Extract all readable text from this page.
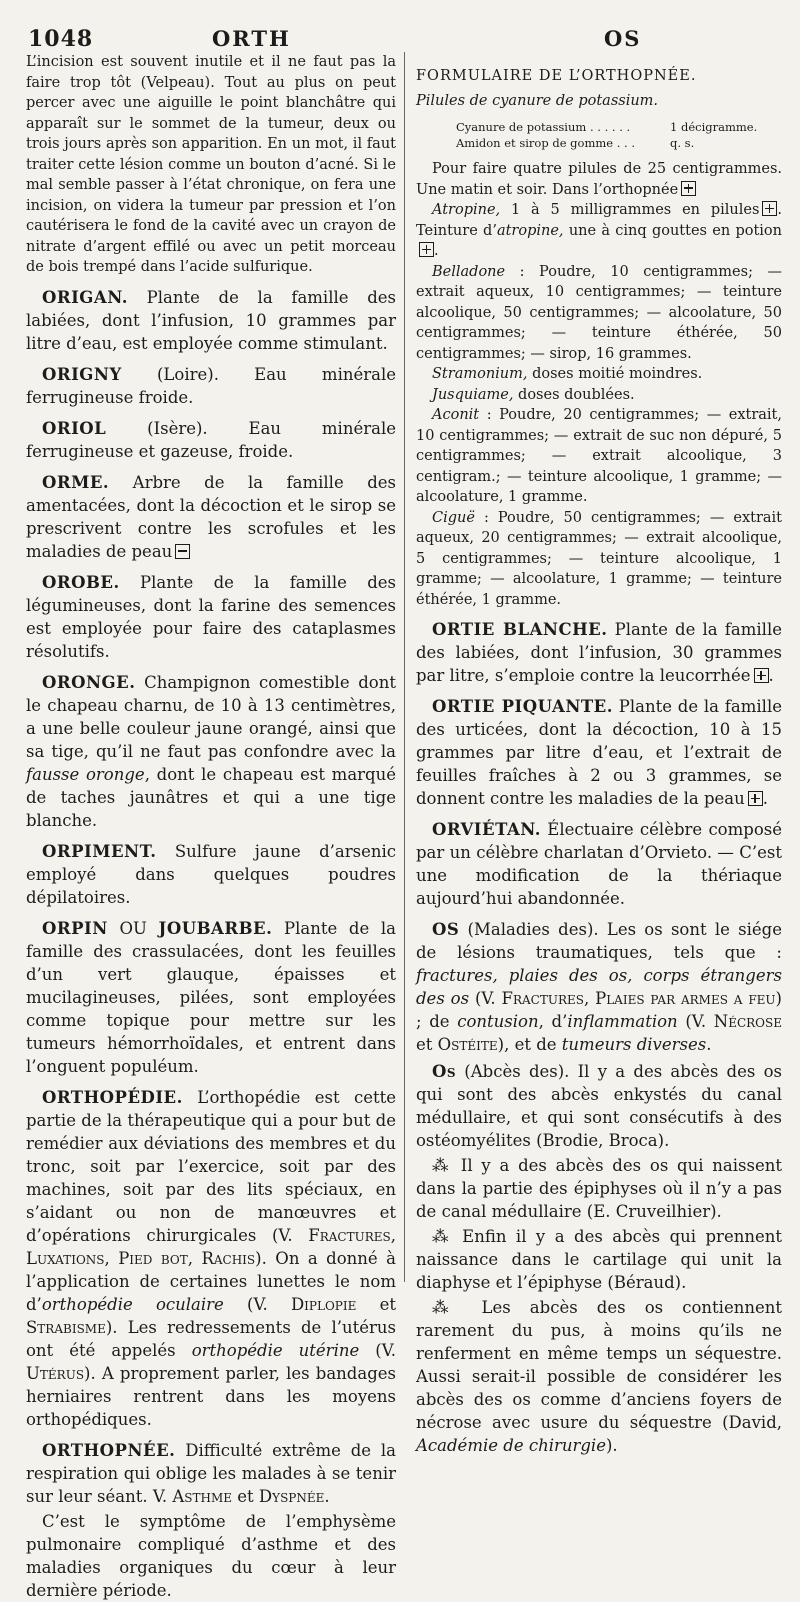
1048	ORTH	OS

L’incision est souvent inutile et il ne faut pas la faire trop tôt (Velpeau). Tout au plus on peut percer avec une aiguille le point blanchâtre qui apparaît sur le sommet de la tumeur, deux ou trois jours après son apparition. En un mot, il faut traiter cette lésion comme un bouton d’acné. Si le mal semble passer à l’état chronique, on fera une incision, on videra la tumeur par pression et l’on cautérisera le fond de la cavité avec un crayon de nitrate d’argent effilé ou avec un petit morceau de bois trempé dans l’acide sulfurique.

ORIGAN. Plante de la famille des labiées, dont l’infusion, 10 grammes par litre d’eau, est employée comme stimulant.

ORIGNY (Loire). Eau minérale ferrugineuse froide.

ORIOL (Isère). Eau minérale ferrugineuse et gazeuse, froide.

ORME. Arbre de la famille des amentacées, dont la décoction et le sirop se prescrivent contre les scrofules et les maladies de peau

OROBE. Plante de la famille des légumineuses, dont la farine des semences est employée pour faire des cataplasmes résolutifs.

ORONGE. Champignon comestible dont le chapeau charnu, de 10 à 13 centimètres, a une belle couleur jaune orangé, ainsi que sa tige, qu’il ne faut pas confondre avec la fausse oronge, dont le chapeau est marqué de taches jaunâtres et qui a une tige blanche.

ORPIMENT. Sulfure jaune d’arsenic employé dans quelques poudres dépilatoires.

ORPIN OU JOUBARBE. Plante de la famille des crassulacées, dont les feuilles d’un vert glauque, épaisses et mucilagineuses, pilées, sont employées comme topique pour mettre sur les tumeurs hémorrhoïdales, et entrent dans l’onguent populéum.

ORTHOPÉDIE. L’orthopédie est cette partie de la thérapeutique qui a pour but de remédier aux déviations des membres et du tronc, soit par l’exercice, soit par des machines, soit par des lits spéciaux, en s’aidant ou non de manœuvres et d’opérations chirurgicales (V. Fractures, Luxations, Pied bot, Rachis). On a donné à l’application de certaines lunettes le nom d’orthopédie oculaire (V. Diplopie et Strabisme). Les redressements de l’utérus ont été appelés orthopédie utérine (V. Utérus). A proprement parler, les bandages herniaires rentrent dans les moyens orthopédiques.

ORTHOPNÉE. Difficulté extrême de la respiration qui oblige les malades à se tenir sur leur séant. V. Asthme et Dyspnée.

C’est le symptôme de l’emphysème pulmonaire compliqué d’asthme et des maladies organiques du cœur à leur dernière période.

FORMULAIRE DE L’ORTHOPNÉE.

Pilules de cyanure de potassium.

Cyanure de potassium . . . . . .	1 décigramme.
Amidon et sirop de gomme . . .	q. s.

Pour faire quatre pilules de 25 centigrammes. Une matin et soir. Dans l’orthopnée

Atropine, 1 à 5 milligrammes en pilules ☒. Teinture d’atropine, une à cinq gouttes en potion .

Belladone : Poudre, 10 centigrammes; — extrait aqueux, 10 centigrammes; — teinture alcoolique, 50 centigrammes; — alcoolature, 50 centigrammes; — teinture éthérée, 50 centigrammes; — sirop, 16 grammes.

Stramonium, doses moitié moindres.

Jusquiame, doses doublées.

Aconit : Poudre, 20 centigrammes; — extrait, 10 centigrammes; — extrait de suc non dépuré, 5 centigrammes; — extrait alcoolique, 3 centigram.; — teinture alcoolique, 1 gramme; — alcoolature, 1 gramme.

Ciguë : Poudre, 50 centigrammes; — extrait aqueux, 20 centigrammes; — extrait alcoolique, 5 centigrammes; — teinture alcoolique, 1 gramme; — alcoolature, 1 gramme; — teinture éthérée, 1 gramme.

ORTIE BLANCHE. Plante de la famille des labiées, dont l’infusion, 30 grammes par litre, s’emploie contre la leucorrhée ☒.

ORTIE PIQUANTE. Plante de la famille des urticées, dont la décoction, 10 à 15 grammes par litre d’eau, et l’extrait de feuilles fraîches à 2 ou 3 grammes, se donnent contre les maladies de la peau ☒.

ORVIÉTAN. Électuaire célèbre composé par un célèbre charlatan d’Orvieto. — C’est une modification de la thériaque aujourd’hui abandonnée.

OS (Maladies des). Les os sont le siége de lésions traumatiques, tels que : fractures, plaies des os, corps étrangers des os (V. Fractures, Plaies par armes a feu) ; de contusion, d’inflammation (V. Nécrose et Ostéite), et de tumeurs diverses.

Os (Abcès des). Il y a des abcès des os qui sont des abcès enkystés du canal médullaire, et qui sont consécutifs à des ostéomyélites (Brodie, Broca).

⁂ Il y a des abcès des os qui naissent dans la partie des épiphyses où il n’y a pas de canal médullaire (E. Cruveilhier).

⁂ Enfin il y a des abcès qui prennent naissance dans le cartilage qui unit la diaphyse et l’épiphyse (Béraud).

⁂ Les abcès des os contiennent rarement du pus, à moins qu’ils ne renferment en même temps un séquestre. Aussi serait-il possible de considérer les abcès des os comme d’anciens foyers de nécrose avec usure du séquestre (David, Académie de chirurgie).
